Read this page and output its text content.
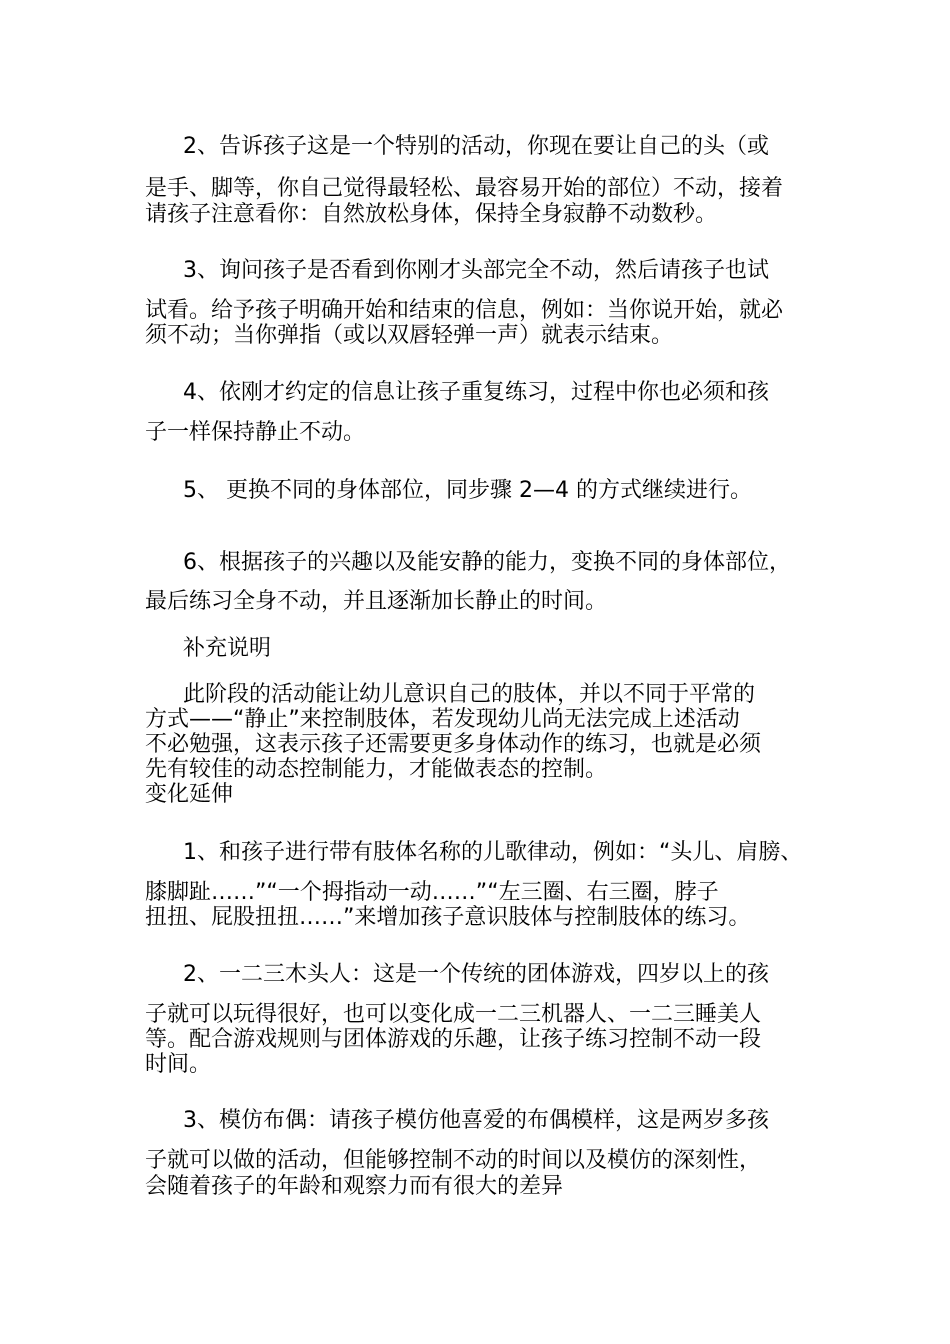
2、告诉孩子这是一个特别的活动，你现在要让自己的头（或
是手、脚等，你自己觉得最轻松、最容易开始的部位）不动，接着
请孩子注意看你：自然放松身体，保持全身寂静不动数秒。
3、询问孩子是否看到你刚才头部完全不动，然后请孩子也试
试看。给予孩子明确开始和结束的信息，例如：当你说开始，就必
须不动；当你弹指（或以双唇轻弹一声）就表示结束。
4、依刚才约定的信息让孩子重复练习，过程中你也必须和孩
子一样保持静止不动。
5、 更换不同的身体部位，同步骤 2—4 的方式继续进行。
6、根据孩子的兴趣以及能安静的能力，变换不同的身体部位，
最后练习全身不动，并且逐渐加长静止的时间。
补充说明
此阶段的活动能让幼儿意识自己的肢体，并以不同于平常的
方式——“静止”来控制肢体，若发现幼儿尚无法完成上述活动
不必勉强，这表示孩子还需要更多身体动作的练习，也就是必须
先有较佳的动态控制能力，才能做表态的控制。
变化延伸
1、和孩子进行带有肢体名称的儿歌律动，例如：“头儿、肩膀、
膝脚趾……”“一个拇指动一动……”“左三圈、右三圈，脖子
扭扭、屁股扭扭……”来增加孩子意识肢体与控制肢体的练习。
2、一二三木头人：这是一个传统的团体游戏，四岁以上的孩
子就可以玩得很好，也可以变化成一二三机器人、一二三睡美人
等。配合游戏规则与团体游戏的乐趣，让孩子练习控制不动一段
时间。
3、模仿布偶：请孩子模仿他喜爱的布偶模样，这是两岁多孩
子就可以做的活动，但能够控制不动的时间以及模仿的深刻性，
会随着孩子的年龄和观察力而有很大的差异
